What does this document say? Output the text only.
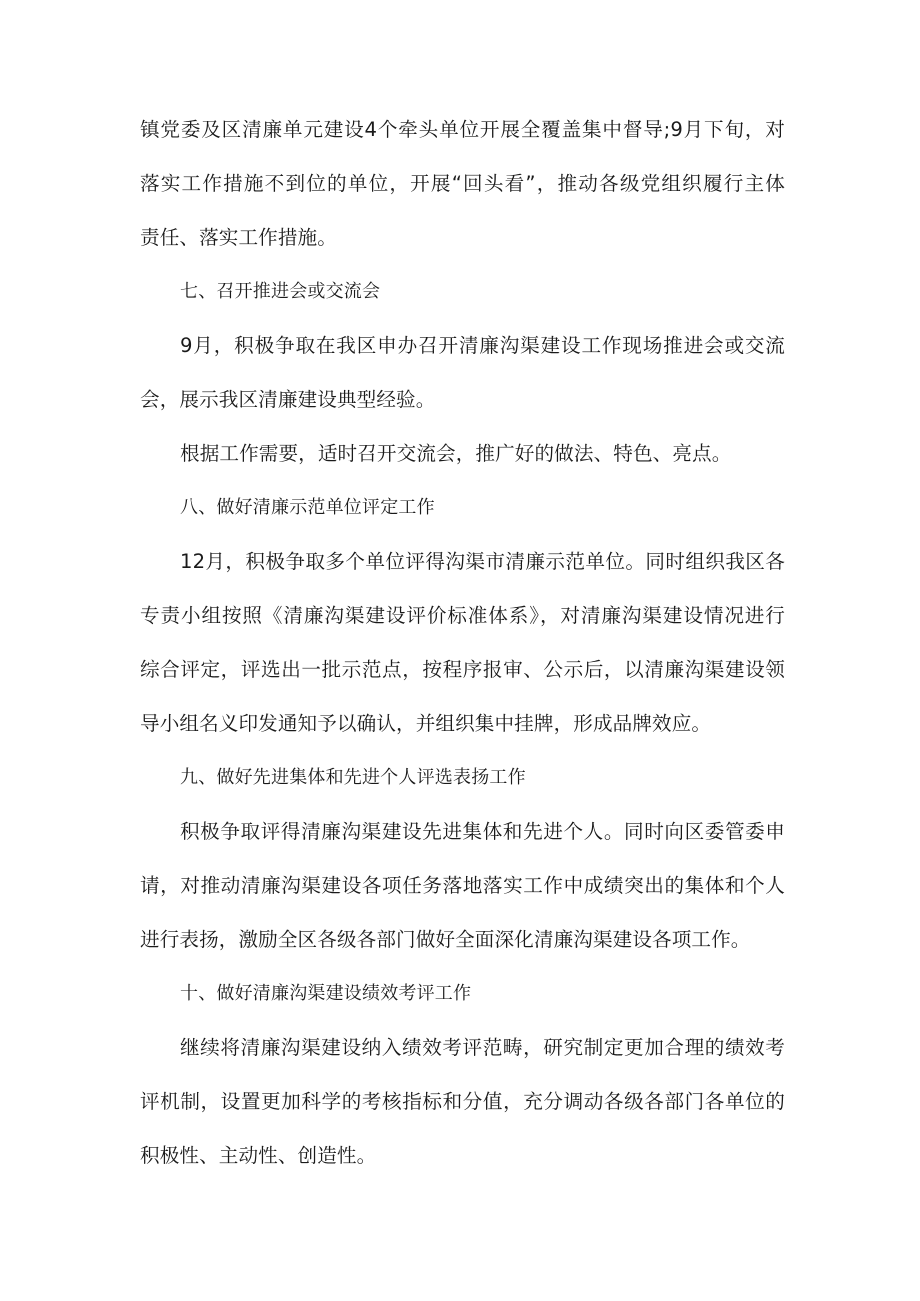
镇党委及区清廉单元建设4个牵头单位开展全覆盖集中督导;9月下旬，对
落实工作措施不到位的单位，开展“回头看”，推动各级党组织履行主体
责任、落实工作措施。
七、召开推进会或交流会
9月，积极争取在我区申办召开清廉沟渠建设工作现场推进会或交流
会，展示我区清廉建设典型经验。
根据工作需要，适时召开交流会，推广好的做法、特色、亮点。
八、做好清廉示范单位评定工作
12月，积极争取多个单位评得沟渠市清廉示范单位。同时组织我区各
专责小组按照《清廉沟渠建设评价标准体系》，对清廉沟渠建设情况进行
综合评定，评选出一批示范点，按程序报审、公示后，以清廉沟渠建设领
导小组名义印发通知予以确认，并组织集中挂牌，形成品牌效应。
九、做好先进集体和先进个人评选表扬工作
积极争取评得清廉沟渠建设先进集体和先进个人。同时向区委管委申
请，对推动清廉沟渠建设各项任务落地落实工作中成绩突出的集体和个人
进行表扬，激励全区各级各部门做好全面深化清廉沟渠建设各项工作。
十、做好清廉沟渠建设绩效考评工作
继续将清廉沟渠建设纳入绩效考评范畴，研究制定更加合理的绩效考
评机制，设置更加科学的考核指标和分值，充分调动各级各部门各单位的
积极性、主动性、创造性。
